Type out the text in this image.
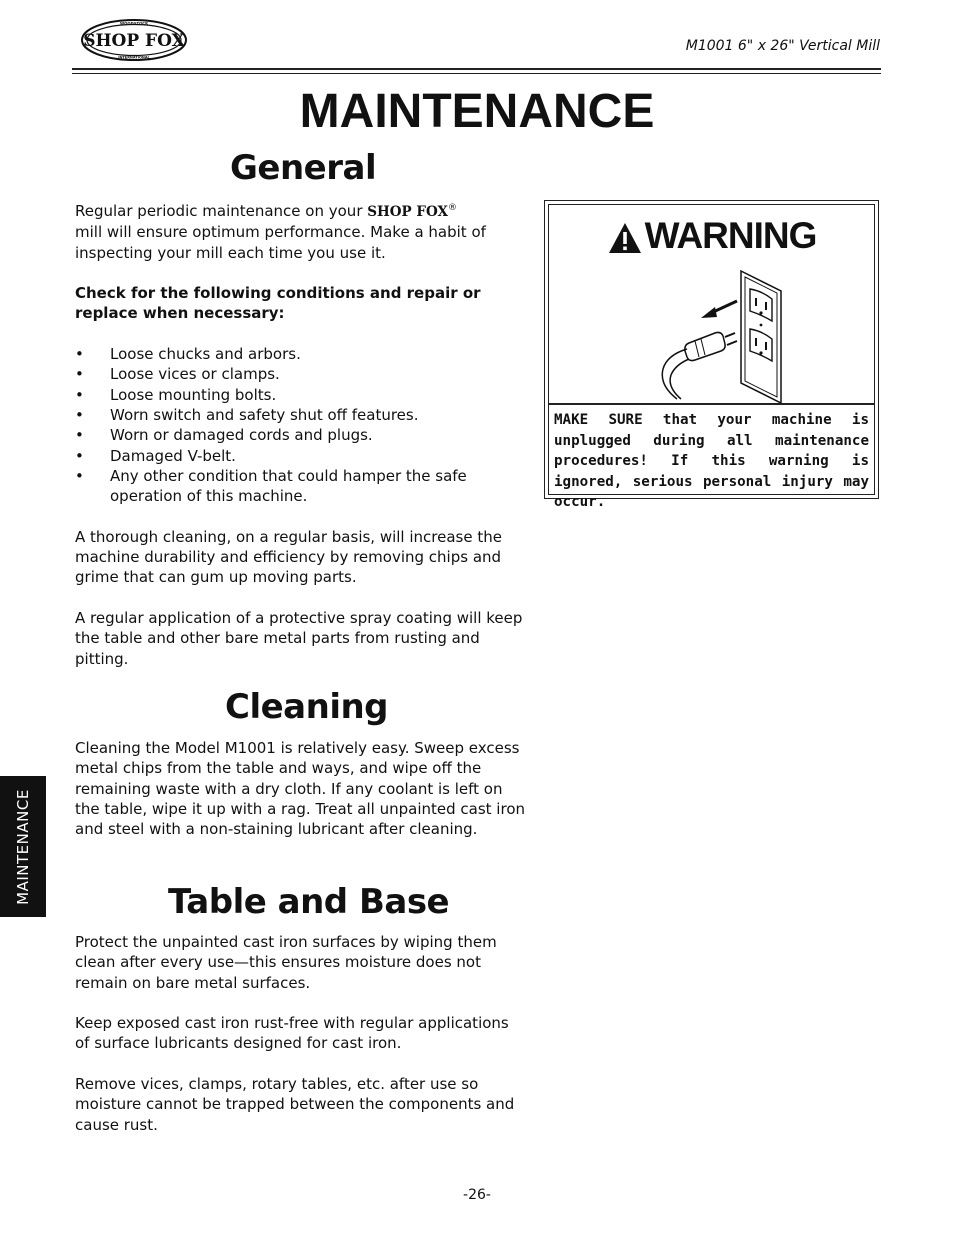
SHOP FOX
WOODSTOCK
INTERNATIONAL
M1001 6" x 26" Vertical Mill
MAINTENANCE
General

Regular periodic maintenance on your SHOP FOX®
mill will ensure optimum performance. Make a habit of inspecting your mill each time you use it.

Check for the following conditions and repair or replace when necessary:

• Loose chucks and arbors.
• Loose vices or clamps.
• Loose mounting bolts.
• Worn switch and safety shut off features.
• Worn or damaged cords and plugs.
• Damaged V-belt.
• Any other condition that could hamper the safe operation of this machine.

A thorough cleaning, on a regular basis, will increase the machine durability and efficiency by removing chips and grime that can gum up moving parts.

A regular application of a protective spray coating will keep the table and other bare metal parts from rusting and pitting.

Cleaning

Cleaning the Model M1001 is relatively easy. Sweep excess metal chips from the table and ways, and wipe off the remaining waste with a dry cloth. If any coolant is left on the table, wipe it up with a rag. Treat all unpainted cast iron and steel with a non-staining lubricant after cleaning.

Table and Base

Protect the unpainted cast iron surfaces by wiping them clean after every use—this ensures moisture does not remain on bare metal surfaces.

Keep exposed cast iron rust-free with regular applications of surface lubricants designed for cast iron.

Remove vices, clamps, rotary tables, etc. after use so moisture cannot be trapped between the components and cause rust.

WARNING
MAKE SURE that your machine is unplugged during all maintenance procedures! If this warning is ignored, serious personal injury may occur.
MAINTENANCE
-26-
